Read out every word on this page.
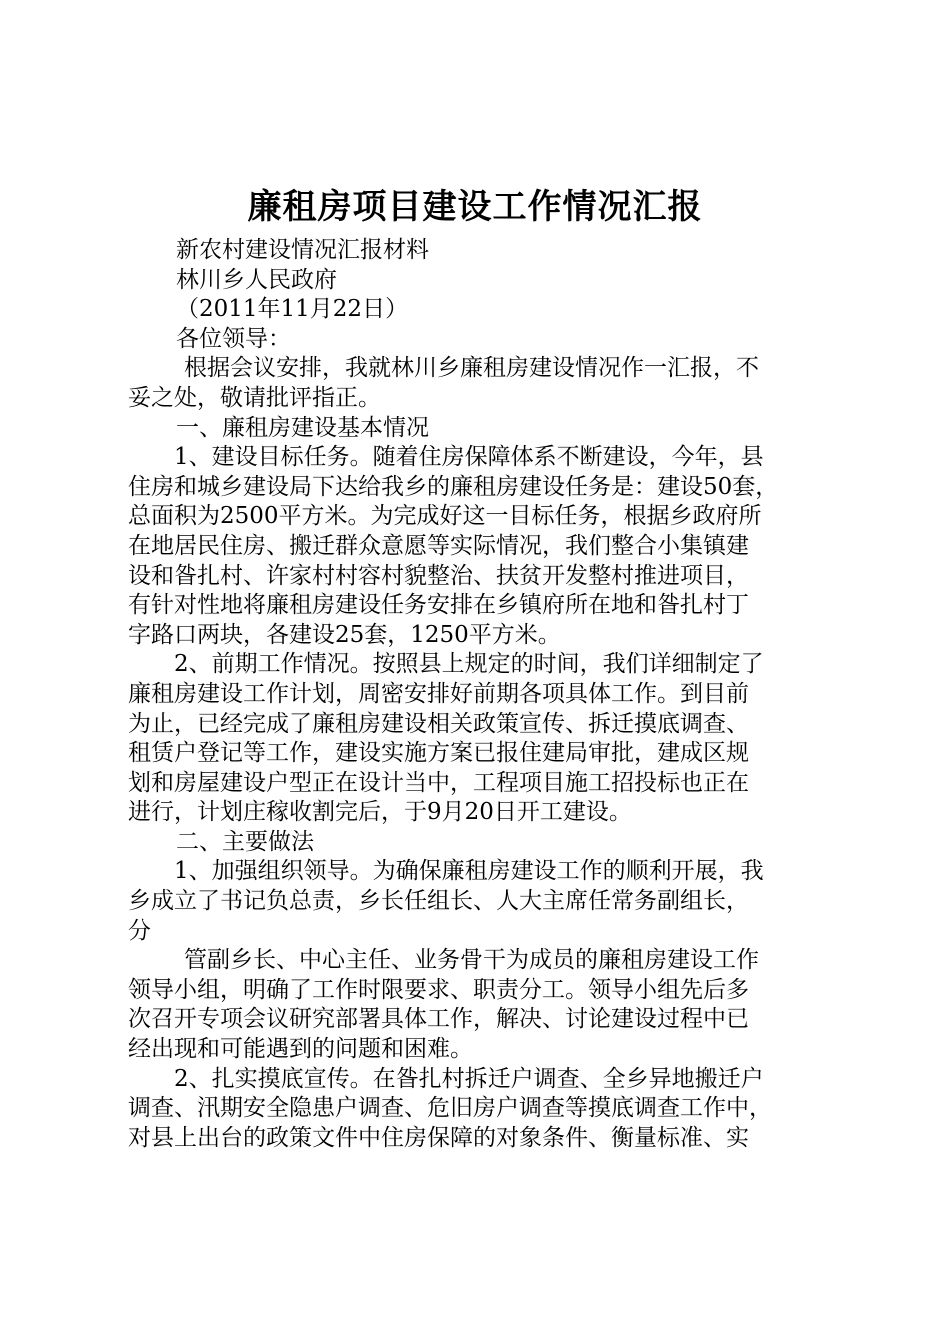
廉租房项目建设工作情况汇报

新农村建设情况汇报材料

林川乡人民政府

（2011年11月22日）

各位领导：

根据会议安排，我就林川乡廉租房建设情况作一汇报，不

妥之处，敬请批评指正。

一、廉租房建设基本情况

1、建设目标任务。随着住房保障体系不断建设，今年，县

住房和城乡建设局下达给我乡的廉租房建设任务是：建设50套，

总面积为2500平方米。为完成好这一目标任务，根据乡政府所

在地居民住房、搬迁群众意愿等实际情况，我们整合小集镇建

设和昝扎村、许家村村容村貌整治、扶贫开发整村推进项目，

有针对性地将廉租房建设任务安排在乡镇府所在地和昝扎村丁

字路口两块，各建设25套，1250平方米。

2、前期工作情况。按照县上规定的时间，我们详细制定了

廉租房建设工作计划，周密安排好前期各项具体工作。到目前

为止，已经完成了廉租房建设相关政策宣传、拆迁摸底调查、

租赁户登记等工作，建设实施方案已报住建局审批，建成区规

划和房屋建设户型正在设计当中，工程项目施工招投标也正在

进行，计划庄稼收割完后，于9月20日开工建设。

二、主要做法

1、加强组织领导。为确保廉租房建设工作的顺利开展，我

乡成立了书记负总责，乡长任组长、人大主席任常务副组长，

分

管副乡长、中心主任、业务骨干为成员的廉租房建设工作

领导小组，明确了工作时限要求、职责分工。领导小组先后多

次召开专项会议研究部署具体工作，解决、讨论建设过程中已

经出现和可能遇到的问题和困难。

2、扎实摸底宣传。在昝扎村拆迁户调查、全乡异地搬迁户

调查、汛期安全隐患户调查、危旧房户调查等摸底调查工作中，

对县上出台的政策文件中住房保障的对象条件、衡量标准、实
